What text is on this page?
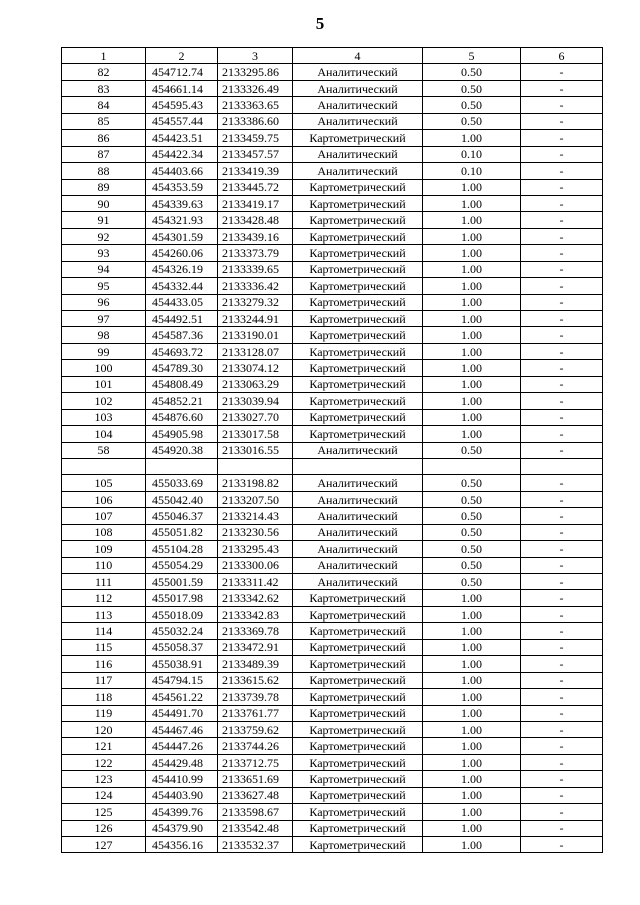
5
1	2	3	4	5	6
82	454712.74	2133295.86	Аналитический	0.50	-
83	454661.14	2133326.49	Аналитический	0.50	-
84	454595.43	2133363.65	Аналитический	0.50	-
85	454557.44	2133386.60	Аналитический	0.50	-
86	454423.51	2133459.75	Картометрический	1.00	-
87	454422.34	2133457.57	Аналитический	0.10	-
88	454403.66	2133419.39	Аналитический	0.10	-
89	454353.59	2133445.72	Картометрический	1.00	-
90	454339.63	2133419.17	Картометрический	1.00	-
91	454321.93	2133428.48	Картометрический	1.00	-
92	454301.59	2133439.16	Картометрический	1.00	-
93	454260.06	2133373.79	Картометрический	1.00	-
94	454326.19	2133339.65	Картометрический	1.00	-
95	454332.44	2133336.42	Картометрический	1.00	-
96	454433.05	2133279.32	Картометрический	1.00	-
97	454492.51	2133244.91	Картометрический	1.00	-
98	454587.36	2133190.01	Картометрический	1.00	-
99	454693.72	2133128.07	Картометрический	1.00	-
100	454789.30	2133074.12	Картометрический	1.00	-
101	454808.49	2133063.29	Картометрический	1.00	-
102	454852.21	2133039.94	Картометрический	1.00	-
103	454876.60	2133027.70	Картометрический	1.00	-
104	454905.98	2133017.58	Картометрический	1.00	-
58	454920.38	2133016.55	Аналитический	0.50	-

105	455033.69	2133198.82	Аналитический	0.50	-
106	455042.40	2133207.50	Аналитический	0.50	-
107	455046.37	2133214.43	Аналитический	0.50	-
108	455051.82	2133230.56	Аналитический	0.50	-
109	455104.28	2133295.43	Аналитический	0.50	-
110	455054.29	2133300.06	Аналитический	0.50	-
111	455001.59	2133311.42	Аналитический	0.50	-
112	455017.98	2133342.62	Картометрический	1.00	-
113	455018.09	2133342.83	Картометрический	1.00	-
114	455032.24	2133369.78	Картометрический	1.00	-
115	455058.37	2133472.91	Картометрический	1.00	-
116	455038.91	2133489.39	Картометрический	1.00	-
117	454794.15	2133615.62	Картометрический	1.00	-
118	454561.22	2133739.78	Картометрический	1.00	-
119	454491.70	2133761.77	Картометрический	1.00	-
120	454467.46	2133759.62	Картометрический	1.00	-
121	454447.26	2133744.26	Картометрический	1.00	-
122	454429.48	2133712.75	Картометрический	1.00	-
123	454410.99	2133651.69	Картометрический	1.00	-
124	454403.90	2133627.48	Картометрический	1.00	-
125	454399.76	2133598.67	Картометрический	1.00	-
126	454379.90	2133542.48	Картометрический	1.00	-
127	454356.16	2133532.37	Картометрический	1.00	-
